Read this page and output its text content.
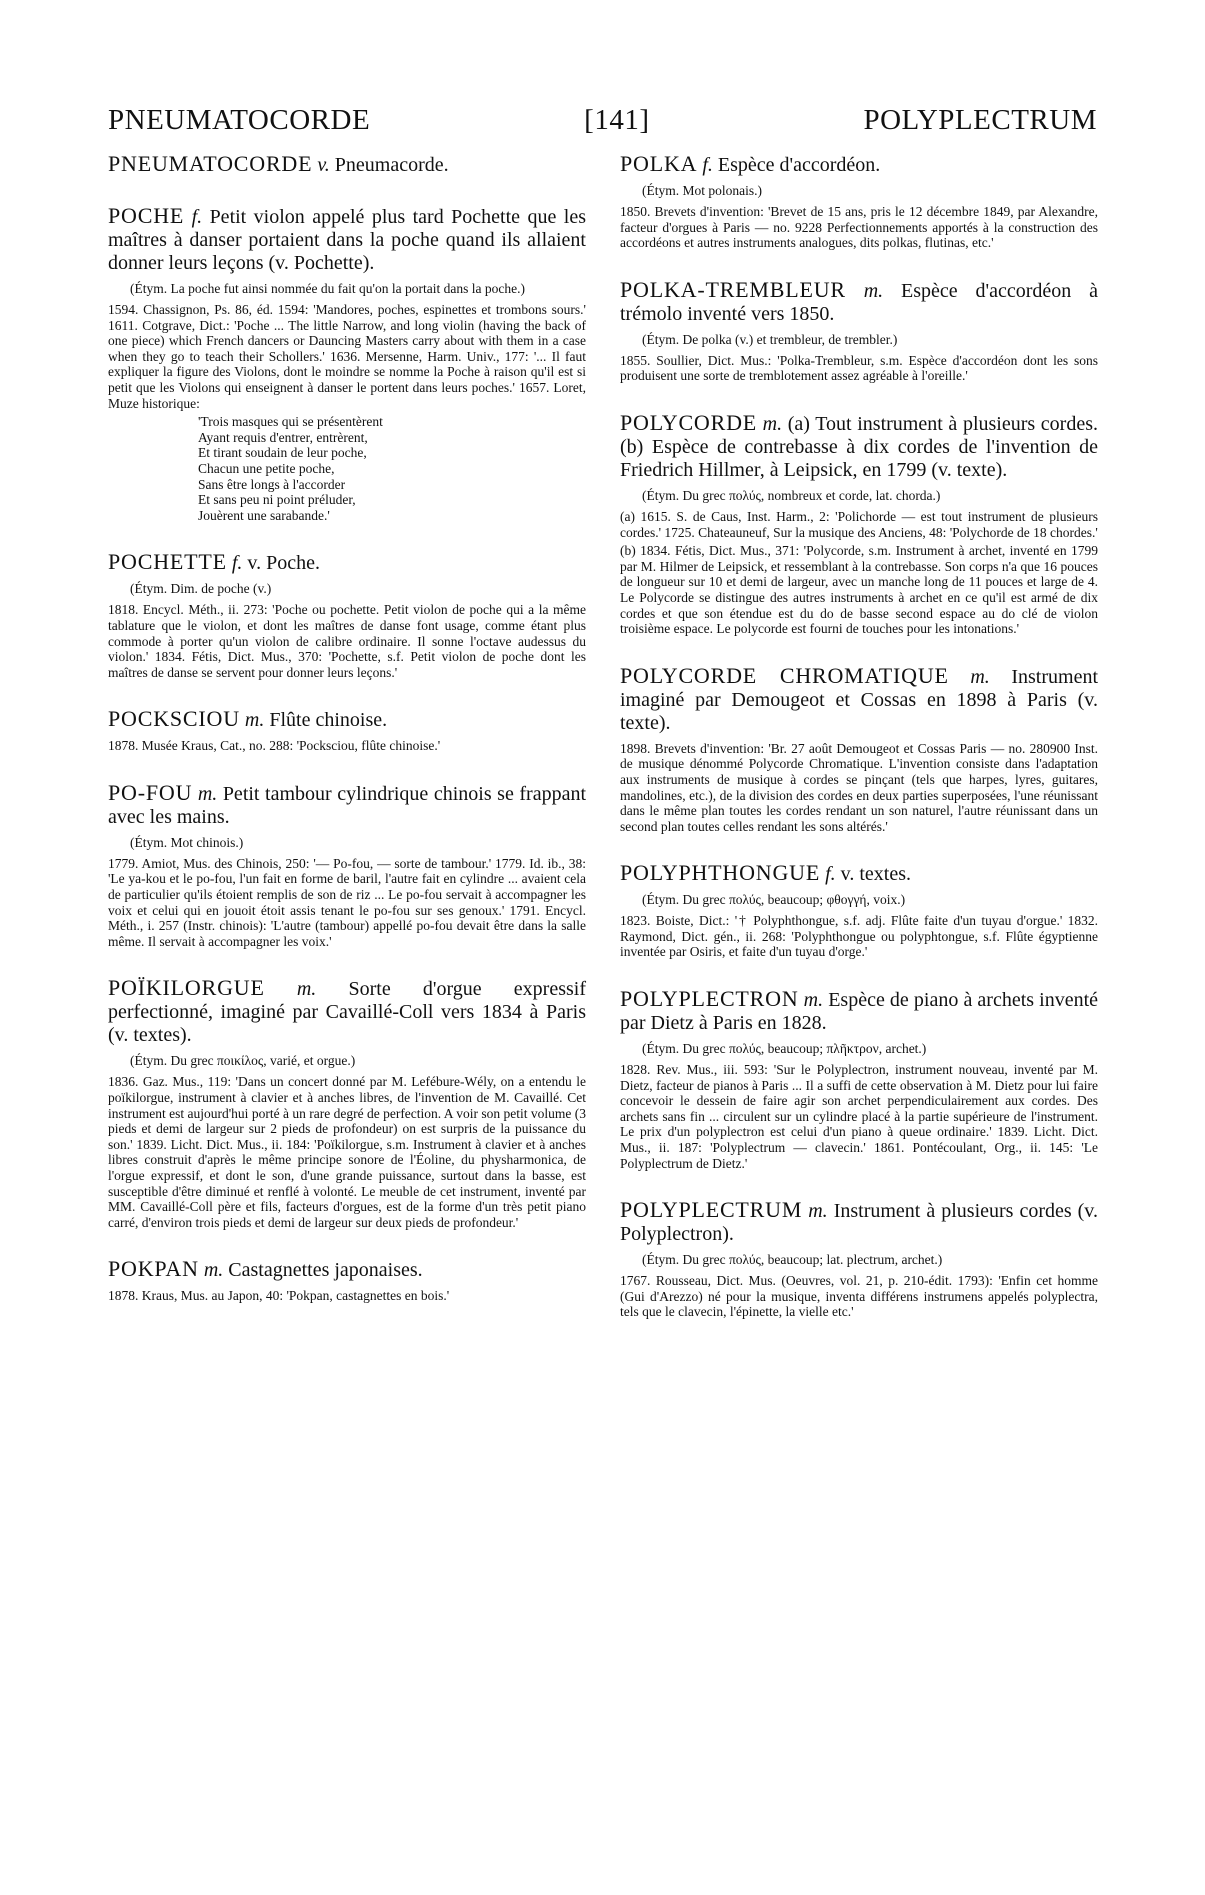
PNEUMATOCORDE	[141]	POLYPLECTRUM
PNEUMATOCORDE v. Pneumacorde.
POCHE f. Petit violon appelé plus tard Pochette que les maîtres à danser portaient dans la poche quand ils allaient donner leurs leçons (v. Pochette).
(Étym. La poche fut ainsi nommée du fait qu'on la portait dans la poche.)
1594. Chassignon, Ps. 86, éd. 1594: 'Mandores, poches, espinettes et trombons sours.' 1611. Cotgrave, Dict.: 'Poche ... The little Narrow, and long violin (having the back of one piece) which French dancers or Dauncing Masters carry about with them in a case when they go to teach their Schollers.' 1636. Mersenne, Harm. Univ., 177: '... Il faut expliquer la figure des Violons, dont le moindre se nomme la Poche à raison qu'il est si petit que les Violons qui enseignent à danser le portent dans leurs poches.' 1657. Loret, Muze historique:
'Trois masques qui se présentèrent
Ayant requis d'entrer, entrèrent,
Et tirant soudain de leur poche,
Chacun une petite poche,
Sans être longs à l'accorder
Et sans peu ni point préluder,
Jouèrent une sarabande.'
POCHETTE f. v. Poche.
(Étym. Dim. de poche (v.)
1818. Encycl. Méth., ii. 273: 'Poche ou pochette. Petit violon de poche qui a la même tablature que le violon, et dont les maîtres de danse font usage, comme étant plus commode à porter qu'un violon de calibre ordinaire. Il sonne l'octave audessus du violon.' 1834. Fétis, Dict. Mus., 370: 'Pochette, s.f. Petit violon de poche dont les maîtres de danse se servent pour donner leurs leçons.'
POCKSCIOU m. Flûte chinoise.
1878. Musée Kraus, Cat., no. 288: 'Pocksciou, flûte chinoise.'
PO-FOU m. Petit tambour cylindrique chinois se frappant avec les mains.
(Étym. Mot chinois.)
1779. Amiot, Mus. des Chinois, 250: '— Po-fou, — sorte de tambour.' 1779. Id. ib., 38: 'Le ya-kou et le po-fou, l'un fait en forme de baril, l'autre fait en cylindre ... avaient cela de particulier qu'ils étoient remplis de son de riz ... Le po-fou servait à accompagner les voix et celui qui en jouoit étoit assis tenant le po-fou sur ses genoux.' 1791. Encycl. Méth., i. 257 (Instr. chinois): 'L'autre (tambour) appellé po-fou devait être dans la salle même. Il servait à accompagner les voix.'
POÏKILORGUE m. Sorte d'orgue expressif perfectionné, imaginé par Cavaillé-Coll vers 1834 à Paris (v. textes).
(Étym. Du grec ποικίλος, varié, et orgue.)
1836. Gaz. Mus., 119: 'Dans un concert donné par M. Lefébure-Wély, on a entendu le poïkilorgue, instrument à clavier et à anches libres, de l'invention de M. Cavaillé. Cet instrument est aujourd'hui porté à un rare degré de perfection. A voir son petit volume (3 pieds et demi de largeur sur 2 pieds de profondeur) on est surpris de la puissance du son.' 1839. Licht. Dict. Mus., ii. 184: 'Poïkilorgue, s.m. Instrument à clavier et à anches libres construit d'après le même principe sonore de l'Éoline, du physharmonica, de l'orgue expressif, et dont le son, d'une grande puissance, surtout dans la basse, est susceptible d'être diminué et renflé à volonté. Le meuble de cet instrument, inventé par MM. Cavaillé-Coll père et fils, facteurs d'orgues, est de la forme d'un très petit piano carré, d'environ trois pieds et demi de largeur sur deux pieds de profondeur.'
POKPAN m. Castagnettes japonaises.
1878. Kraus, Mus. au Japon, 40: 'Pokpan, castagnettes en bois.'
POLKA f. Espèce d'accordéon.
(Étym. Mot polonais.)
1850. Brevets d'invention: 'Brevet de 15 ans, pris le 12 décembre 1849, par Alexandre, facteur d'orgues à Paris — no. 9228 Perfectionnements apportés à la construction des accordéons et autres instruments analogues, dits polkas, flutinas, etc.'
POLKA-TREMBLEUR m. Espèce d'accordéon à trémolo inventé vers 1850.
(Étym. De polka (v.) et trembleur, de trembler.)
1855. Soullier, Dict. Mus.: 'Polka-Trembleur, s.m. Espèce d'accordéon dont les sons produisent une sorte de tremblotement assez agréable à l'oreille.'
POLYCORDE m. (a) Tout instrument à plusieurs cordes. (b) Espèce de contrebasse à dix cordes de l'invention de Friedrich Hillmer, à Leipsick, en 1799 (v. texte).
(Étym. Du grec πολύς, nombreux et corde, lat. chorda.)
(a) 1615. S. de Caus, Inst. Harm., 2: 'Polichorde — est tout instrument de plusieurs cordes.' 1725. Chateauneuf, Sur la musique des Anciens, 48: 'Polychorde de 18 chordes.'
(b) 1834. Fétis, Dict. Mus., 371: 'Polycorde, s.m. Instrument à archet, inventé en 1799 par M. Hilmer de Leipsick, et ressemblant à la contrebasse. Son corps n'a que 16 pouces de longueur sur 10 et demi de largeur, avec un manche long de 11 pouces et large de 4. Le Polycorde se distingue des autres instruments à archet en ce qu'il est armé de dix cordes et que son étendue est du do de basse second espace au do clé de violon troisième espace. Le polycorde est fourni de touches pour les intonations.'
POLYCORDE CHROMATIQUE m. Instrument imaginé par Demougeot et Cossas en 1898 à Paris (v. texte).
1898. Brevets d'invention: 'Br. 27 août Demougeot et Cossas Paris — no. 280900 Inst. de musique dénommé Polycorde Chromatique. L'invention consiste dans l'adaptation aux instruments de musique à cordes se pinçant (tels que harpes, lyres, guitares, mandolines, etc.), de la division des cordes en deux parties superposées, l'une réunissant dans le même plan toutes les cordes rendant un son naturel, l'autre réunissant dans un second plan toutes celles rendant les sons altérés.'
POLYPHTHONGUE f. v. textes.
(Étym. Du grec πολύς, beaucoup; φθογγή, voix.)
1823. Boiste, Dict.: '† Polyphthongue, s.f. adj. Flûte faite d'un tuyau d'orgue.' 1832. Raymond, Dict. gén., ii. 268: 'Polyphthongue ou polyphtongue, s.f. Flûte égyptienne inventée par Osiris, et faite d'un tuyau d'orge.'
POLYPLECTRON m. Espèce de piano à archets inventé par Dietz à Paris en 1828.
(Étym. Du grec πολύς, beaucoup; πλῆκτρον, archet.)
1828. Rev. Mus., iii. 593: 'Sur le Polyplectron, instrument nouveau, inventé par M. Dietz, facteur de pianos à Paris ... Il a suffi de cette observation à M. Dietz pour lui faire concevoir le dessein de faire agir son archet perpendiculairement aux cordes. Des archets sans fin ... circulent sur un cylindre placé à la partie supérieure de l'instrument. Le prix d'un polyplectron est celui d'un piano à queue ordinaire.' 1839. Licht. Dict. Mus., ii. 187: 'Polyplectrum — clavecin.' 1861. Pontécoulant, Org., ii. 145: 'Le Polyplectrum de Dietz.'
POLYPLECTRUM m. Instrument à plusieurs cordes (v. Polyplectron).
(Étym. Du grec πολύς, beaucoup; lat. plectrum, archet.)
1767. Rousseau, Dict. Mus. (Oeuvres, vol. 21, p. 210-édit. 1793): 'Enfin cet homme (Gui d'Arezzo) né pour la musique, inventa différens instrumens appelés polyplectra, tels que le clavecin, l'épinette, la vielle etc.'
